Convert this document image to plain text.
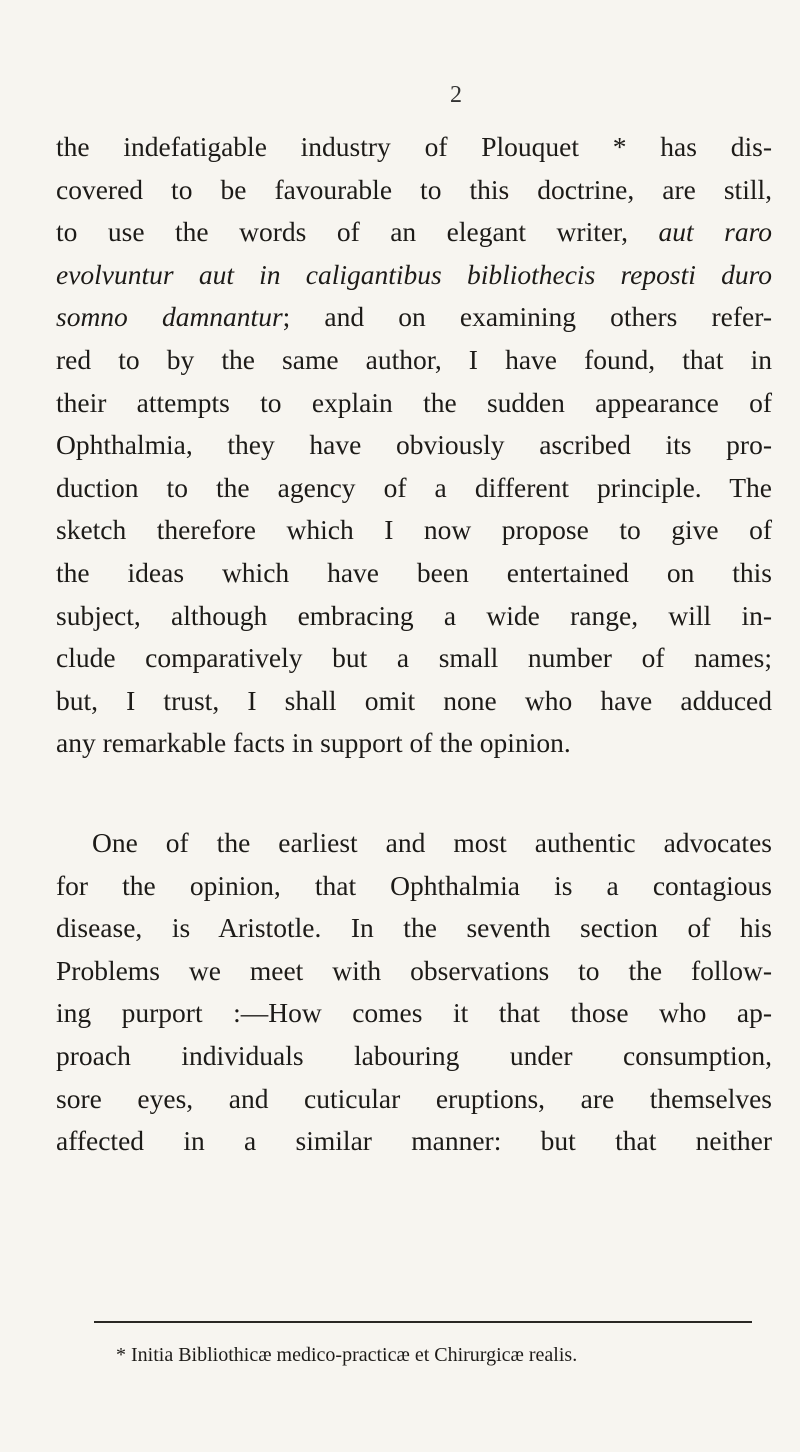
2
the indefatigable industry of Plouquet * has dis-
covered to be favourable to this doctrine, are still,
to use the words of an elegant writer, aut raro
evolvuntur aut in caligantibus bibliothecis reposti duro
somno damnantur; and on examining others refer-
red to by the same author, I have found, that in
their attempts to explain the sudden appearance of
Ophthalmia, they have obviously ascribed its pro-
duction to the agency of a different principle. The
sketch therefore which I now propose to give of
the ideas which have been entertained on this
subject, although embracing a wide range, will in-
clude comparatively but a small number of names;
but, I trust, I shall omit none who have adduced
any remarkable facts in support of the opinion.
One of the earliest and most authentic advocates
for the opinion, that Ophthalmia is a contagious
disease, is Aristotle. In the seventh section of his
Problems we meet with observations to the follow-
ing purport :—How comes it that those who ap-
proach individuals labouring under consumption,
sore eyes, and cuticular eruptions, are themselves
affected in a similar manner: but that neither
* Initia Bibliothicæ medico-practicæ et Chirurgicæ realis.
